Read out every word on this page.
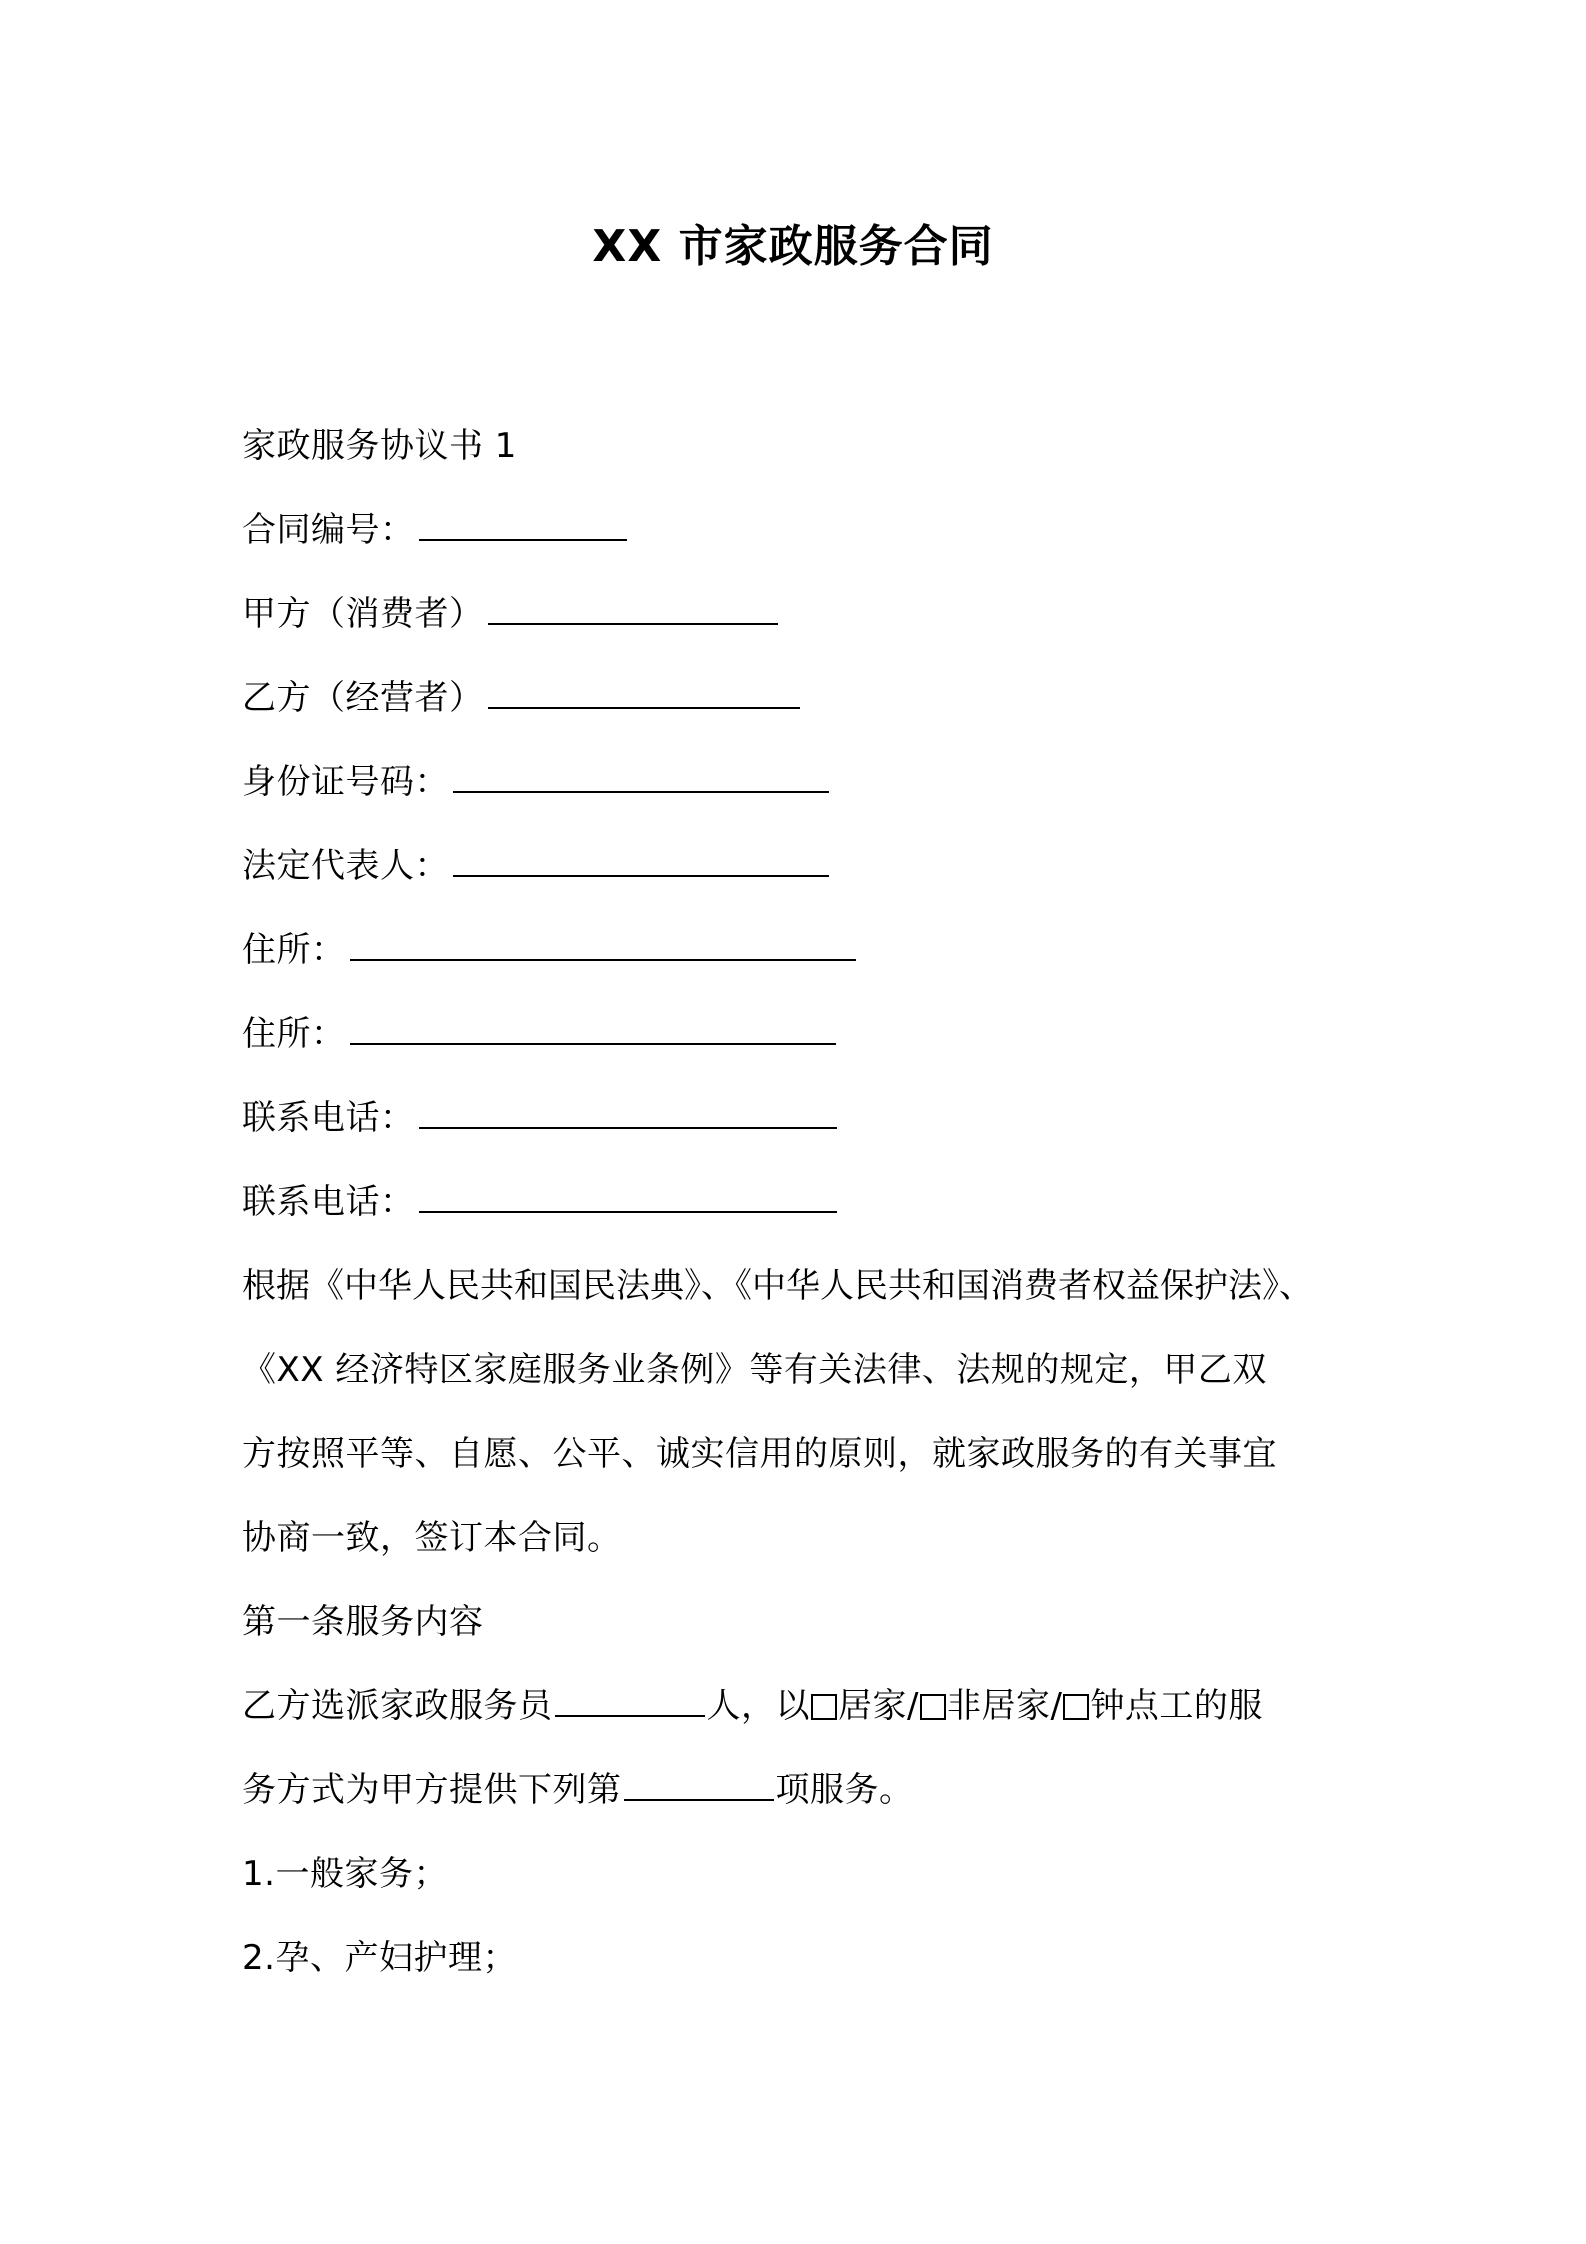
XX 市家政服务合同
家政服务协议书 1
合同编号：
甲方（消费者）
乙方（经营者）
身份证号码：
法定代表人：
住所：
住所：
联系电话：
联系电话：
根据《中华人民共和国民法典》、《中华人民共和国消费者权益保护法》、
《XX 经济特区家庭服务业条例》等有关法律、法规的规定，甲乙双
方按照平等、自愿、公平、诚实信用的原则，就家政服务的有关事宜
协商一致，签订本合同。
第一条服务内容
乙方选派家政服务员	人，以 居家/ 非居家/ 钟点工的服
务方式为甲方提供下列第	项服务。
1.一般家务；
2.孕、产妇护理；
